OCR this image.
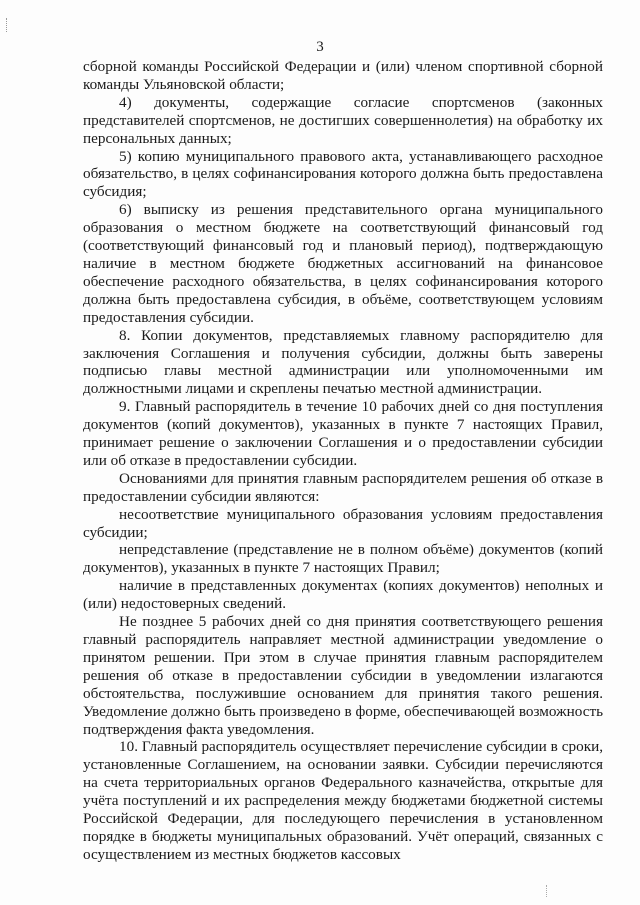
3

сборной команды Российской Федерации и (или) членом спортивной сборной команды Ульяновской области;

4)   документы,   содержащие   согласие   спортсменов   (законных представителей спортсменов, не достигших совершеннолетия) на обработку их персональных данных;

5) копию муниципального правового акта, устанавливающего расходное обязательство, в целях софинансирования которого должна быть предоставлена субсидия;

6) выписку из решения представительного органа муниципального образования о местном бюджете на соответствующий финансовый год (соответствующий финансовый год и плановый период), подтверждающую наличие в местном бюджете бюджетных ассигнований на финансовое обеспечение расходного обязательства, в целях софинансирования которого должна быть предоставлена субсидия, в объёме, соответствующем условиям предоставления субсидии.

8. Копии документов, представляемых главному распорядителю для заключения Соглашения и получения субсидии, должны быть заверены подписью главы местной администрации или уполномоченными им должностными лицами и скреплены печатью местной администрации.

9. Главный распорядитель в течение 10 рабочих дней со дня поступления документов (копий документов), указанных в пункте 7 настоящих Правил, принимает решение о заключении Соглашения и о предоставлении субсидии или об отказе в предоставлении субсидии.

Основаниями для принятия главным распорядителем решения об отказе в предоставлении субсидии являются:

несоответствие муниципального образования условиям предоставления субсидии;

непредставление (представление не в полном объёме) документов (копий документов), указанных в пункте 7 настоящих Правил;

наличие в представленных документах (копиях документов) неполных и (или) недостоверных сведений.

Не позднее 5 рабочих дней со дня принятия соответствующего решения главный распорядитель направляет местной администрации уведомление о принятом решении. При этом в случае принятия главным распорядителем решения об отказе в предоставлении субсидии в уведомлении излагаются обстоятельства, послужившие основанием для принятия такого решения. Уведомление должно быть произведено в форме, обеспечивающей возможность подтверждения факта уведомления.

10. Главный распорядитель осуществляет перечисление субсидии в сроки, установленные Соглашением, на основании заявки. Субсидии перечисляются на счета территориальных органов Федерального казначейства, открытые для учёта поступлений и их распределения между бюджетами бюджетной системы Российской Федерации, для последующего перечисления в установленном порядке в бюджеты муниципальных образований. Учёт операций, связанных с осуществлением из местных бюджетов кассовых
